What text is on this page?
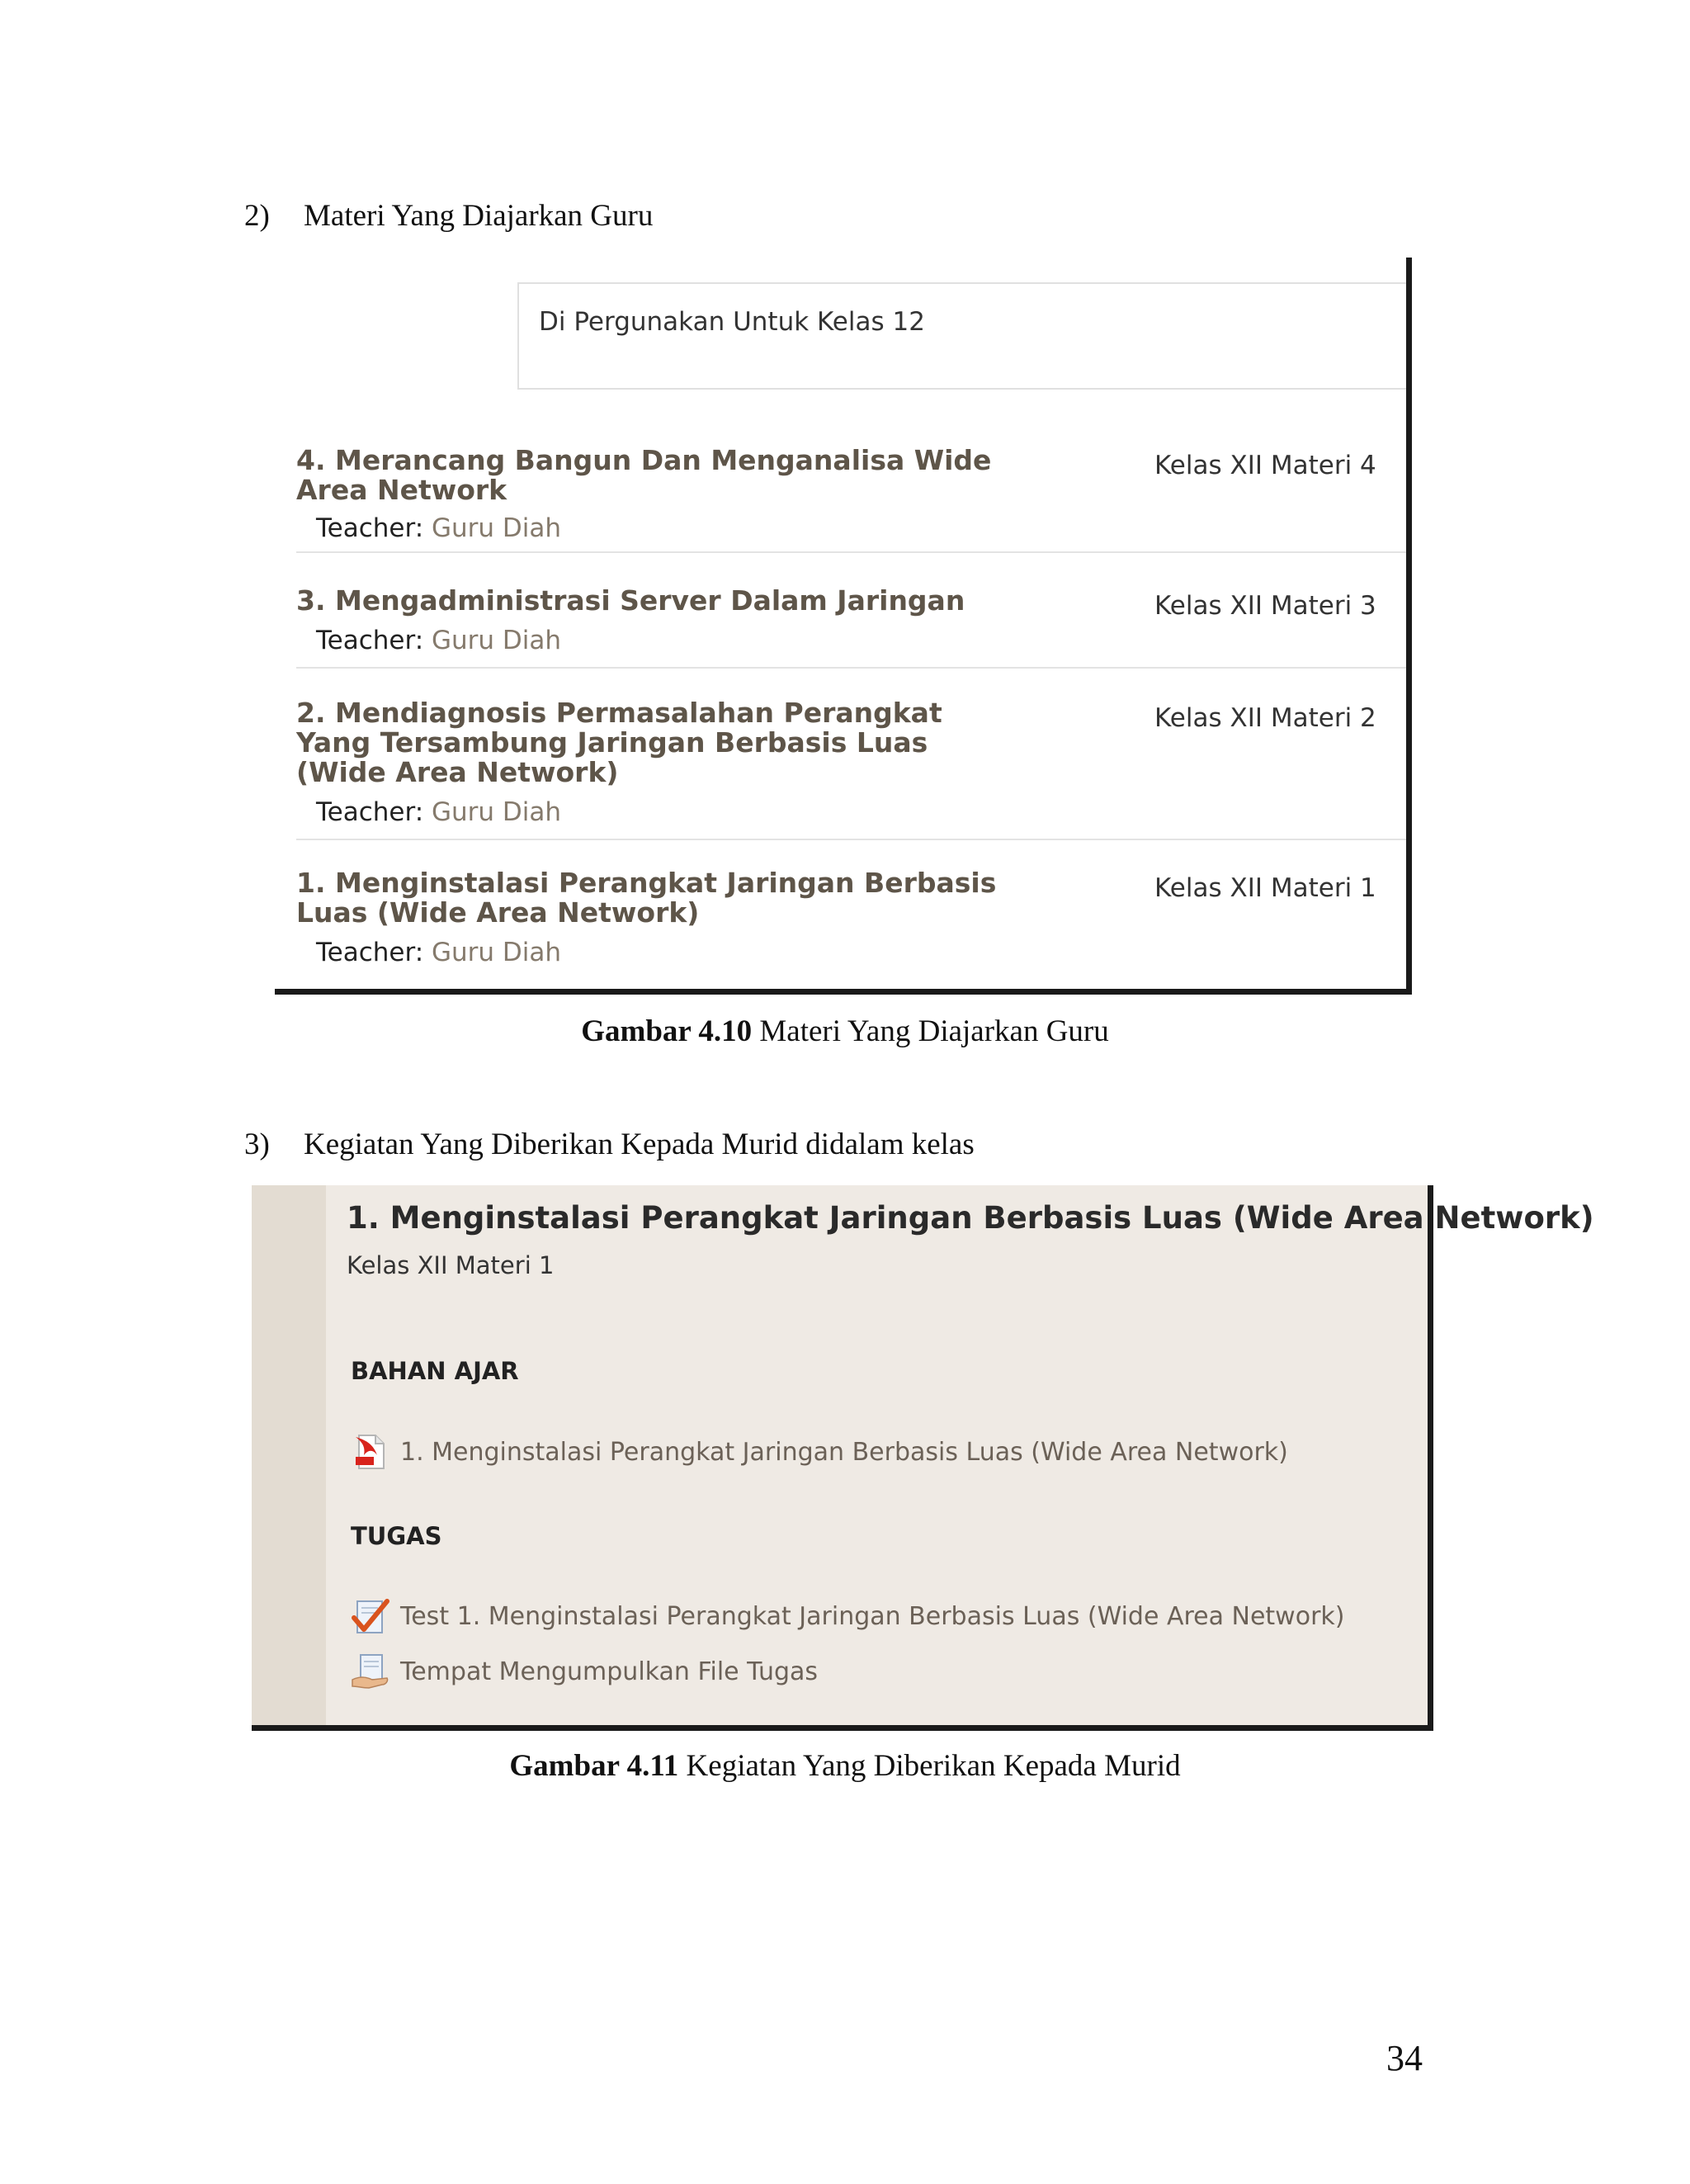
2) Materi Yang Diajarkan Guru
Di Pergunakan Untuk Kelas 12
4. Merancang Bangun Dan Menganalisa Wide Area Network
Kelas XII Materi 4
Teacher: Guru Diah
3. Mengadministrasi Server Dalam Jaringan	Kelas XII Materi 3
Teacher: Guru Diah
2. Mendiagnosis Permasalahan Perangkat Yang Tersambung Jaringan Berbasis Luas (Wide Area Network)
Kelas XII Materi 2
Teacher: Guru Diah
1. Menginstalasi Perangkat Jaringan Berbasis Luas (Wide Area Network)
Kelas XII Materi 1
Teacher: Guru Diah
Gambar 4.10 Materi Yang Diajarkan Guru
3) Kegiatan Yang Diberikan Kepada Murid didalam kelas
1. Menginstalasi Perangkat Jaringan Berbasis Luas (Wide Area Network)
Kelas XII Materi 1
BAHAN AJAR
1. Menginstalasi Perangkat Jaringan Berbasis Luas (Wide Area Network)
TUGAS
Test 1. Menginstalasi Perangkat Jaringan Berbasis Luas (Wide Area Network)
Tempat Mengumpulkan File Tugas
Gambar 4.11 Kegiatan Yang Diberikan Kepada Murid
34
